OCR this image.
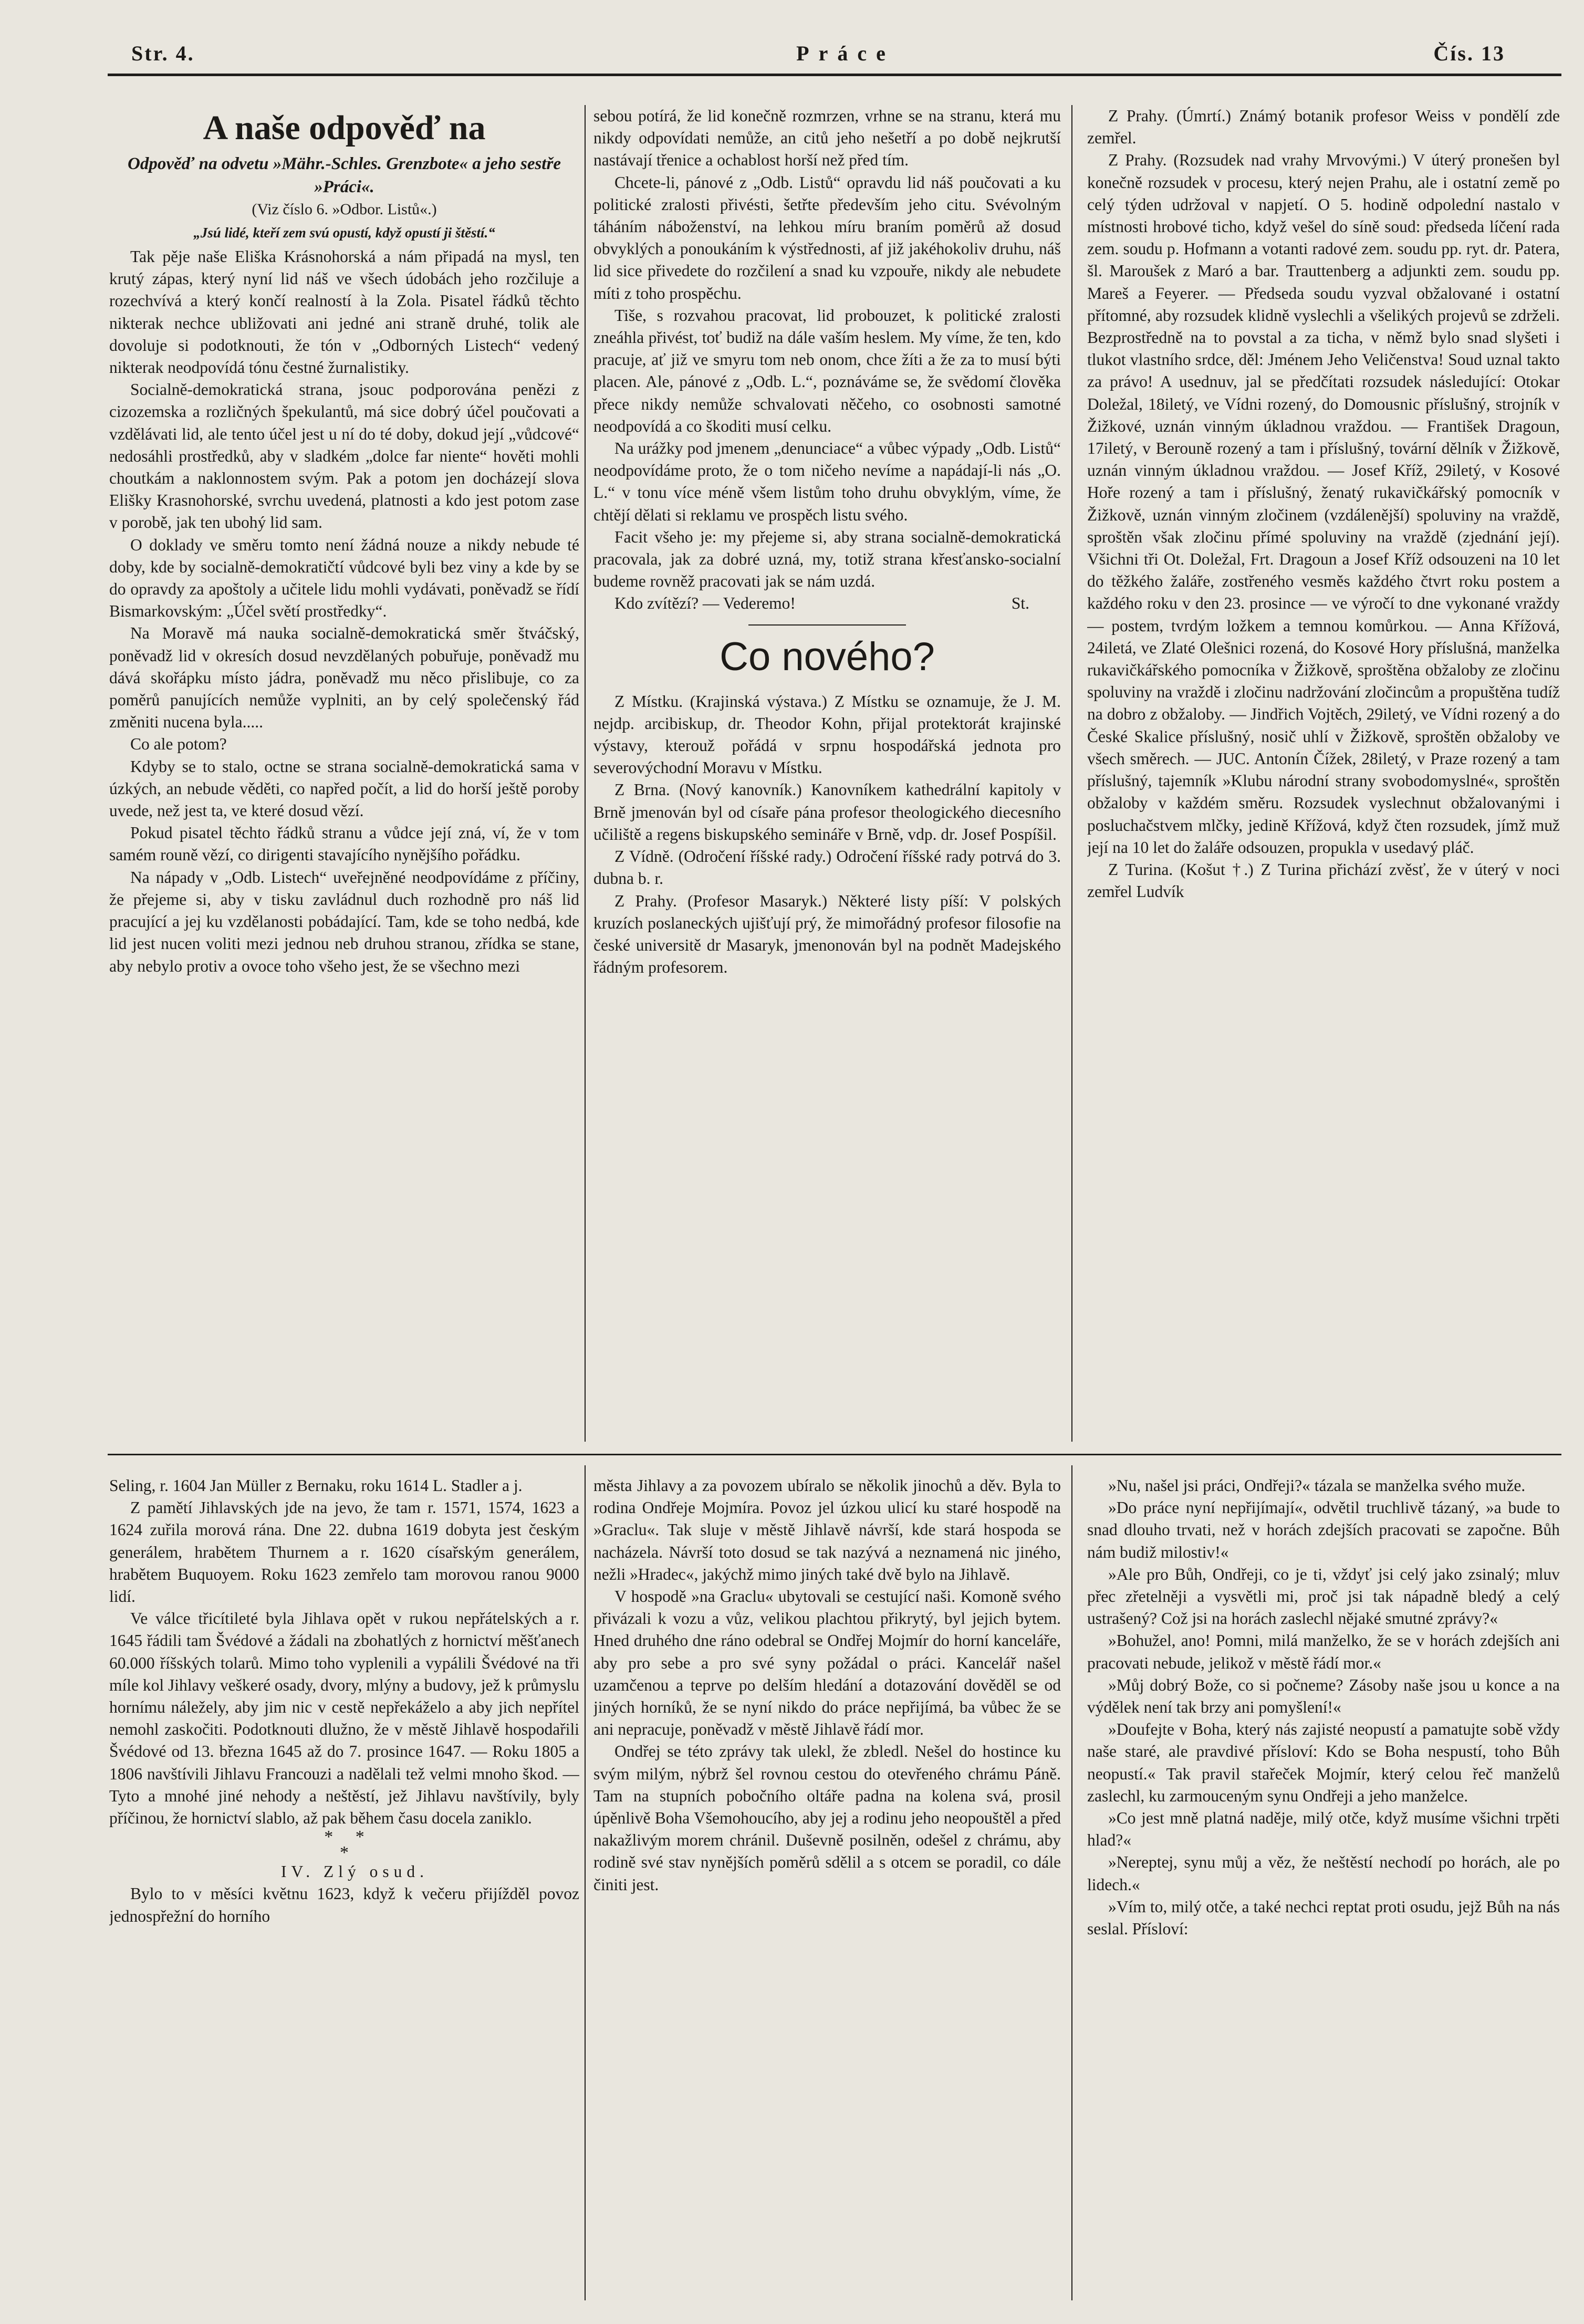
Str. 4.	Práce	Čís. 13
A naše odpověď na
Odpověď na odvetu »Mähr.-Schles. Grenzbote« a jeho sestře »Práci«.
(Viz číslo 6. »Odbor. Listů«.)
„Jsú lidé, kteří zem svú opustí, když opustí ji štěstí.“

Tak pěje naše Eliška Krásnohorská a nám připadá na mysl, ten krutý zápas, který nyní lid náš ve všech údobách jeho rozčiluje a rozechvívá a který končí realností à la Zola. Pisatel řádků těchto nikterak nechce ubližovati ani jedné ani straně druhé, tolik ale dovoluje si podotknouti, že tón v „Odborných Listech“ vedený nikterak neodpovídá tónu čestné žurnalistiky.

Socialně-demokratická strana, jsouc podporována penězi z cizozemska a rozličných špekulantů, má sice dobrý účel poučovati a vzdělávati lid, ale tento účel jest u ní do té doby, dokud její „vůdcové“ nedosáhli prostředků, aby v sladkém „dolce far niente“ hověti mohli choutkám a naklonnostem svým. Pak a potom jen docházejí slova Elišky Krasnohorské, svrchu uvedená, platnosti a kdo jest potom zase v porobě, jak ten ubohý lid sam.

O doklady ve směru tomto není žádná nouze a nikdy nebude té doby, kde by socialně-demokratičtí vůdcové byli bez viny a kde by se do opravdy za apoštoly a učitele lidu mohli vydávati, poněvadž se řídí Bismarkovským: „Účel světí prostředky“.

Na Moravě má nauka socialně-demokratická směr štváčský, poněvadž lid v okresích dosud nevzdělaných pobuřuje, poněvadž mu dává skořápku místo jádra, poněvadž mu něco přislibuje, co za poměrů panujících nemůže vyplniti, an by celý společenský řád změniti nucena byla.....

Co ale potom?

Kdyby se to stalo, octne se strana socialně-demokratická sama v úzkých, an nebude věděti, co napřed počít, a lid do horší ještě poroby uvede, než jest ta, ve které dosud vězí.

Pokud pisatel těchto řádků stranu a vůdce její zná, ví, že v tom samém rouně vězí, co dirigenti stavajícího nynějšího pořádku.

Na nápady v „Odb. Listech“ uveřejněné neodpovídáme z příčiny, že přejeme si, aby v tisku zavládnul duch rozhodně pro náš lid pracující a jej ku vzdělanosti pobádající. Tam, kde se toho nedbá, kde lid jest nucen voliti mezi jednou neb druhou stranou, zřídka se stane, aby nebylo protiv a ovoce toho všeho jest, že se všechno mezi

sebou potírá, že lid konečně rozmrzen, vrhne se na stranu, která mu nikdy odpovídati nemůže, an citů jeho nešetří a po době nejkrutší nastávají třenice a ochablost horší než před tím.

Chcete-li, pánové z „Odb. Listů“ opravdu lid náš poučovati a ku politické zralosti přivésti, šetřte především jeho citu. Svévolným táháním náboženství, na lehkou míru braním poměrů až dosud obvyklých a ponoukáním k výstřednosti, af již jakéhokoliv druhu, náš lid sice přivedete do rozčilení a snad ku vzpouře, nikdy ale nebudete míti z toho prospěchu.

Tiše, s rozvahou pracovat, lid probouzet, k politické zralosti zneáhla přivést, toť budiž na dále vaším heslem. My víme, že ten, kdo pracuje, ať již ve smyru tom neb onom, chce žíti a že za to musí býti placen. Ale, pánové z „Odb. L.“, poznáváme se, že svědomí člověka přece nikdy nemůže schvalovati něčeho, co osobnosti samotné neodpovídá a co škoditi musí celku.

Na urážky pod jmenem „denunciace“ a vůbec výpady „Odb. Listů“ neodpovídáme proto, že o tom ničeho nevíme a napádají-li nás „O. L.“ v tonu více méně všem listům toho druhu obvyklým, víme, že chtějí dělati si reklamu ve prospěch listu svého.

Facit všeho je: my přejeme si, aby strana socialně-demokratická pracovala, jak za dobré uzná, my, totiž strana křesťansko-socialní budeme rovněž pracovati jak se nám uzdá.

Kdo zvítězí? — Vederemo!	St.

Co nového?

Z Místku. (Krajinská výstava.) Z Místku se oznamuje, že J. M. nejdp. arcibiskup, dr. Theodor Kohn, přijal protektorát krajinské výstavy, kterouž pořádá v srpnu hospodářská jednota pro severovýchodní Moravu v Místku.

Z Brna. (Nový kanovník.) Kanovníkem kathedrální kapitoly v Brně jmenován byl od císaře pána profesor theologického diecesního učiliště a regens biskupského semináře v Brně, vdp. dr. Josef Pospíšil.

Z Vídně. (Odročení říšské rady.) Odročení říšské rady potrvá do 3. dubna b. r.

Z Prahy. (Profesor Masaryk.) Některé listy píší: V polských kruzích poslaneckých ujišťují prý, že mimořádný profesor filosofie na české universitě dr Masaryk, jmenonován byl na podnět Madejského řádným profesorem.

Z Prahy. (Úmrtí.) Známý botanik profesor Weiss v pondělí zde zemřel.

Z Prahy. (Rozsudek nad vrahy Mrvovými.) V úterý pronešen byl konečně rozsudek v procesu, který nejen Prahu, ale i ostatní země po celý týden udržoval v napjetí. O 5. hodině odpolední nastalo v místnosti hrobové ticho, když vešel do síně soud: předseda líčení rada zem. soudu p. Hofmann a votanti radové zem. soudu pp. ryt. dr. Patera, šl. Maroušek z Maró a bar. Trauttenberg a adjunkti zem. soudu pp. Mareš a Feyerer. — Předseda soudu vyzval obžalované i ostatní přítomné, aby rozsudek klidně vyslechli a všelikých projevů se zdrželi. Bezprostředně na to povstal a za ticha, v němž bylo snad slyšeti i tlukot vlastního srdce, děl: Jménem Jeho Veličenstva! Soud uznal takto za právo! A usednuv, jal se předčítati rozsudek následující: Otokar Doležal, 18iletý, ve Vídni rozený, do Domousnic příslušný, strojník v Žižkové, uznán vinným úkladnou vraždou. — František Dragoun, 17iletý, v Berouně rozený a tam i příslušný, tovární dělník v Žižkově, uznán vinným úkladnou vraždou. — Josef Kříž, 29iletý, v Kosové Hoře rozený a tam i příslušný, ženatý rukavičkářský pomocník v Žižkově, uznán vinným zločinem (vzdálenější) spoluviny na vraždě, sproštěn však zločinu přímé spoluviny na vraždě (zjednání její). Všichni tři Ot. Doležal, Frt. Dragoun a Josef Kříž odsouzeni na 10 let do těžkého žaláře, zostřeného vesměs každého čtvrt roku postem a každého roku v den 23. prosince — ve výročí to dne vykonané vraždy — postem, tvrdým ložkem a temnou komůrkou. — Anna Křížová, 24iletá, ve Zlaté Olešnici rozená, do Kosové Hory příslušná, manželka rukavičkářského pomocníka v Žižkově, sproštěna obžaloby ze zločinu spoluviny na vraždě i zločinu nadržování zločincům a propuštěna tudíž na dobro z obžaloby. — Jindřich Vojtěch, 29iletý, ve Vídni rozený a do České Skalice příslušný, nosič uhlí v Žižkově, sproštěn obžaloby ve všech směrech. — JUC. Antonín Čížek, 28iletý, v Praze rozený a tam příslušný, tajemník »Klubu národní strany svobodomyslné«, sproštěn obžaloby v každém směru. Rozsudek vyslechnut obžalovanými i posluchačstvem mlčky, jedině Křížová, když čten rozsudek, jímž muž její na 10 let do žaláře odsouzen, propukla v usedavý pláč.

Z Turina. (Košut †.) Z Turina přichází zvěsť, že v úterý v noci zemřel Ludvík

Seling, r. 1604 Jan Müller z Bernaku, roku 1614 L. Stadler a j.

Z pamětí Jihlavských jde na jevo, že tam r. 1571, 1574, 1623 a 1624 zuřila morová rána. Dne 22. dubna 1619 dobyta jest českým generálem, hrabětem Thurnem a r. 1620 císařským generálem, hrabětem Buquoyem. Roku 1623 zemřelo tam morovou ranou 9000 lidí.

Ve válce třicítileté byla Jihlava opět v rukou nepřátelských a r. 1645 řádili tam Švédové a žádali na zbohatlých z hornictví měšťanech 60.000 říšských tolarů. Mimo toho vyplenili a vypálili Švédové na tři míle kol Jihlavy veškeré osady, dvory, mlýny a budovy, jež k průmyslu hornímu náležely, aby jim nic v cestě nepřekáželo a aby jich nepřítel nemohl zaskočiti. Podotknouti dlužno, že v městě Jihlavě hospodařili Švédové od 13. března 1645 až do 7. prosince 1647. — Roku 1805 a 1806 navštívili Jihlavu Francouzi a nadělali tež velmi mnoho škod. — Tyto a mnohé jiné nehody a neštěstí, jež Jihlavu navštívily, byly příčinou, že hornictví slablo, až pak během času docela zaniklo.

*     *
*

IV. Zlý osud.

Bylo to v měsíci květnu 1623, když k večeru přijížděl povoz jednospřežní do horního

města Jihlavy a za povozem ubíralo se několik jinochů a děv. Byla to rodina Ondřeje Mojmíra. Povoz jel úzkou ulicí ku staré hospodě na »Graclu«. Tak sluje v městě Jihlavě návrší, kde stará hospoda se nacházela. Návrší toto dosud se tak nazývá a neznamená nic jiného, nežli »Hradec«, jakýchž mimo jiných také dvě bylo na Jihlavě.

V hospodě »na Graclu« ubytovali se cestující naši. Komoně svého přivázali k vozu a vůz, velikou plachtou přikrytý, byl jejich bytem. Hned druhého dne ráno odebral se Ondřej Mojmír do horní kanceláře, aby pro sebe a pro své syny požádal o práci. Kancelář našel uzamčenou a teprve po delším hledání a dotazování dověděl se od jiných horníků, že se nyní nikdo do práce nepřijímá, ba vůbec že se ani nepracuje, poněvadž v městě Jihlavě řádí mor.

Ondřej se této zprávy tak ulekl, že zbledl. Nešel do hostince ku svým milým, nýbrž šel rovnou cestou do otevřeného chrámu Páně. Tam na stupních pobočního oltáře padna na kolena svá, prosil úpěnlivě Boha Všemohoucího, aby jej a rodinu jeho neopouštěl a před nakažlivým morem chránil. Duševně posilněn, odešel z chrámu, aby rodině své stav nynějších poměrů sdělil a s otcem se poradil, co dále činiti jest.

»Nu, našel jsi práci, Ondřeji?« tázala se manželka svého muže.

»Do práce nyní nepřijímají«, odvětil truchlivě tázaný, »a bude to snad dlouho trvati, než v horách zdejších pracovati se započne. Bůh nám budiž milostiv!«

»Ale pro Bůh, Ondřeji, co je ti, vždyť jsi celý jako zsinalý; mluv přec zřetelněji a vysvětli mi, proč jsi tak nápadně bledý a celý ustrašený? Což jsi na horách zaslechl nějaké smutné zprávy?«

»Bohužel, ano! Pomni, milá manželko, že se v horách zdejších ani pracovati nebude, jelikož v městě řádí mor.«

»Můj dobrý Bože, co si počneme? Zásoby naše jsou u konce a na výdělek není tak brzy ani pomyšlení!«

»Doufejte v Boha, který nás zajisté neopustí a pamatujte sobě vždy naše staré, ale pravdivé přísloví: Kdo se Boha nespustí, toho Bůh neopustí.« Tak pravil stařeček Mojmír, který celou řeč manželů zaslechl, ku zarmouceným synu Ondřeji a jeho manželce.

»Co jest mně platná naděje, milý otče, když musíme všichni trpěti hlad?«

»Nereptej, synu můj a věz, že neštěstí nechodí po horách, ale po lidech.«

»Vím to, milý otče, a také nechci reptat proti osudu, jejž Bůh na nás seslal. Přísloví:
